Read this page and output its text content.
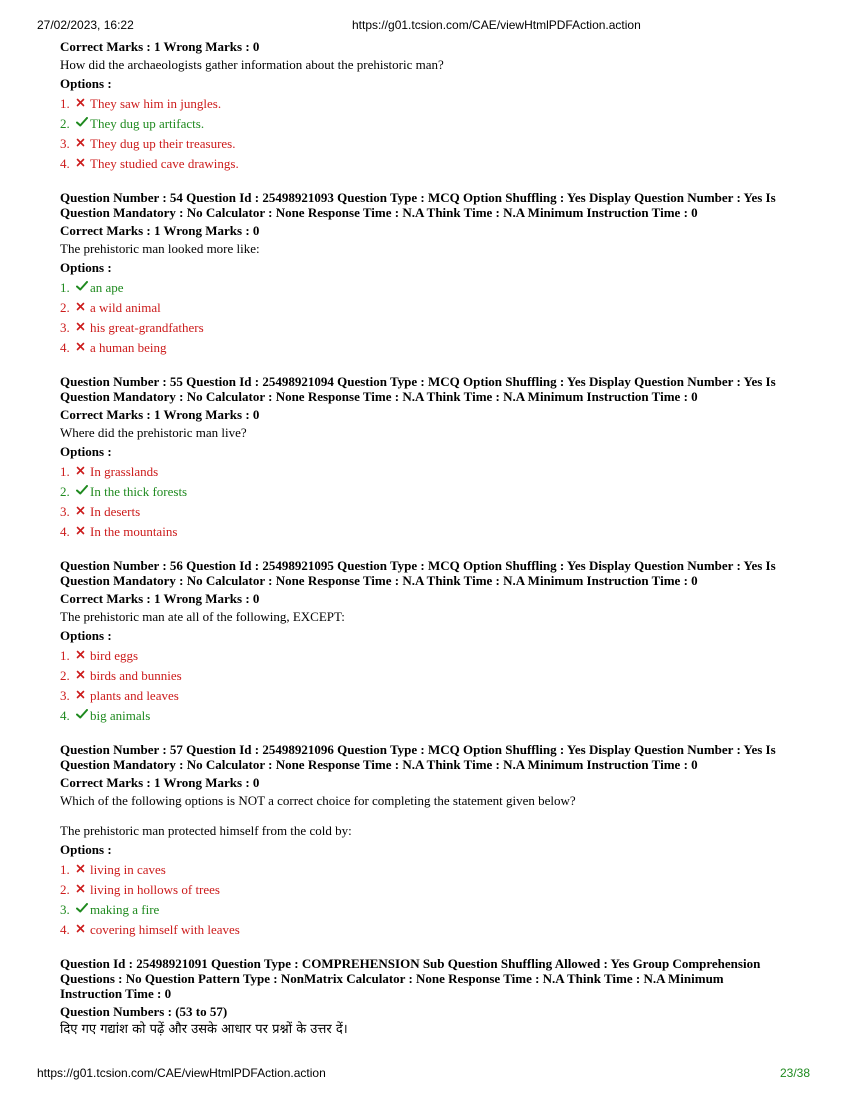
27/02/2023, 16:22	https://g01.tcsion.com/CAE/viewHtmlPDFAction.action
Correct Marks : 1 Wrong Marks : 0
How did the archaeologists gather information about the prehistoric man?
Options :
1.	They saw him in jungles.
2.	They dug up artifacts.
3.	They dug up their treasures.
4.	They studied cave drawings.
Question Number : 54 Question Id : 25498921093 Question Type : MCQ Option Shuffling : Yes Display Question Number : Yes Is
Question Mandatory : No Calculator : None Response Time : N.A Think Time : N.A Minimum Instruction Time : 0
Correct Marks : 1 Wrong Marks : 0
The prehistoric man looked more like:
Options :
1.	an ape
2.	a wild animal
3.	his great-grandfathers
4.	a human being
Question Number : 55 Question Id : 25498921094 Question Type : MCQ Option Shuffling : Yes Display Question Number : Yes Is
Question Mandatory : No Calculator : None Response Time : N.A Think Time : N.A Minimum Instruction Time : 0
Correct Marks : 1 Wrong Marks : 0
Where did the prehistoric man live?
Options :
1.	In grasslands
2.	In the thick forests
3.	In deserts
4.	In the mountains
Question Number : 56 Question Id : 25498921095 Question Type : MCQ Option Shuffling : Yes Display Question Number : Yes Is
Question Mandatory : No Calculator : None Response Time : N.A Think Time : N.A Minimum Instruction Time : 0
Correct Marks : 1 Wrong Marks : 0
The prehistoric man ate all of the following, EXCEPT:
Options :
1.	bird eggs
2.	birds and bunnies
3.	plants and leaves
4.	big animals
Question Number : 57 Question Id : 25498921096 Question Type : MCQ Option Shuffling : Yes Display Question Number : Yes Is
Question Mandatory : No Calculator : None Response Time : N.A Think Time : N.A Minimum Instruction Time : 0
Correct Marks : 1 Wrong Marks : 0
Which of the following options is NOT a correct choice for completing the statement given below?
The prehistoric man protected himself from the cold by:
Options :
1.	living in caves
2.	living in hollows of trees
3.	making a fire
4.	covering himself with leaves
Question Id : 25498921091 Question Type : COMPREHENSION Sub Question Shuffling Allowed : Yes Group Comprehension
Questions : No Question Pattern Type : NonMatrix Calculator : None Response Time : N.A Think Time : N.A Minimum
Instruction Time : 0
Question Numbers : (53 to 57)
दिए गए गद्यांश को पढ़ें और उसके आधार पर प्रश्नों के उत्तर दें।
https://g01.tcsion.com/CAE/viewHtmlPDFAction.action	23/38
